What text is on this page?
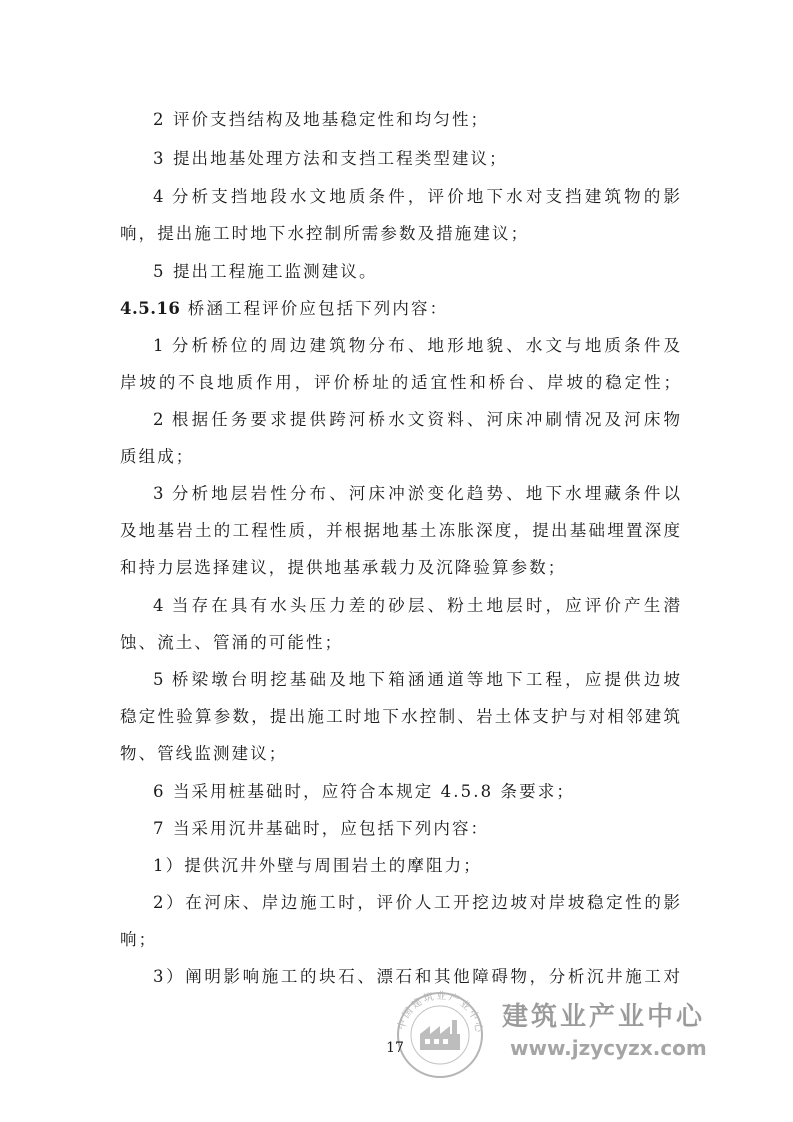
2 评价支挡结构及地基稳定性和均匀性；
3 提出地基处理方法和支挡工程类型建议；
4 分析支挡地段水文地质条件，评价地下水对支挡建筑物的影
响，提出施工时地下水控制所需参数及措施建议；
5 提出工程施工监测建议。
4.5.16 桥涵工程评价应包括下列内容：
1 分析桥位的周边建筑物分布、地形地貌、水文与地质条件及
岸坡的不良地质作用，评价桥址的适宜性和桥台、岸坡的稳定性；
2 根据任务要求提供跨河桥水文资料、河床冲刷情况及河床物
质组成；
3 分析地层岩性分布、河床冲淤变化趋势、地下水埋藏条件以
及地基岩土的工程性质，并根据地基土冻胀深度，提出基础埋置深度
和持力层选择建议，提供地基承载力及沉降验算参数；
4 当存在具有水头压力差的砂层、粉土地层时，应评价产生潜
蚀、流土、管涌的可能性；
5 桥梁墩台明挖基础及地下箱涵通道等地下工程，应提供边坡
稳定性验算参数，提出施工时地下水控制、岩土体支护与对相邻建筑
物、管线监测建议；
6 当采用桩基础时，应符合本规定 4.5.8 条要求；
7 当采用沉井基础时，应包括下列内容：
1）提供沉井外壁与周围岩土的摩阻力；
2）在河床、岸边施工时，评价人工开挖边坡对岸坡稳定性的影
响；
3）阐明影响施工的块石、漂石和其他障碍物，分析沉井施工对
中国建筑业产业中心 建筑业产业中心
www.jzycyzx.com
17
